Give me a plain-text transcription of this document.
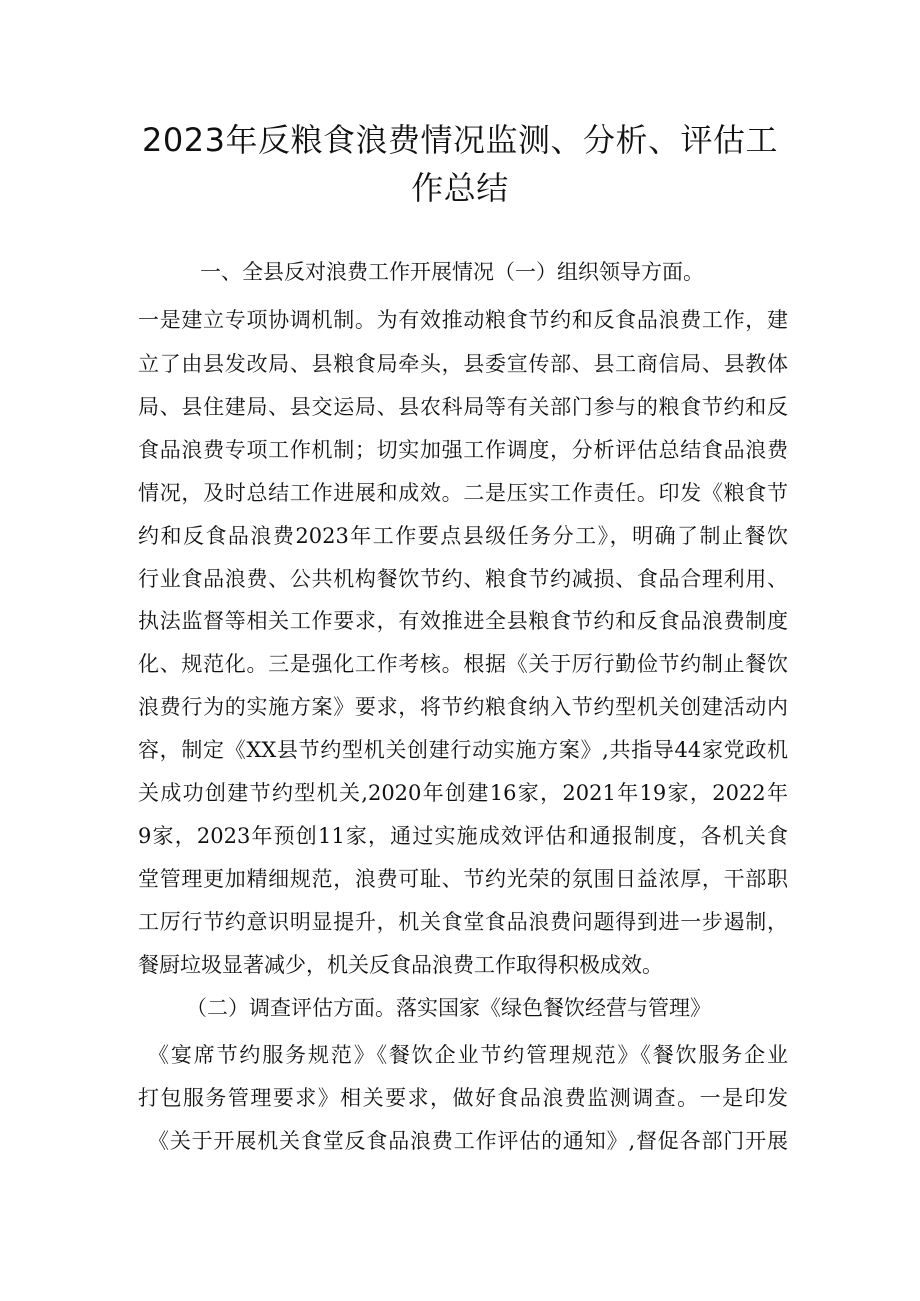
2023年反粮食浪费情况监测、分析、评估工
作总结
一、全县反对浪费工作开展情况（一）组织领导方面。
一是建立专项协调机制。为有效推动粮食节约和反食品浪费工作，建
立了由县发改局、县粮食局牵头，县委宣传部、县工商信局、县教体
局、县住建局、县交运局、县农科局等有关部门参与的粮食节约和反
食品浪费专项工作机制；切实加强工作调度，分析评估总结食品浪费
情况，及时总结工作进展和成效。二是压实工作责任。印发《粮食节
约和反食品浪费2023年工作要点县级任务分工》，明确了制止餐饮
行业食品浪费、公共机构餐饮节约、粮食节约减损、食品合理利用、
执法监督等相关工作要求，有效推进全县粮食节约和反食品浪费制度
化、规范化。三是强化工作考核。根据《关于厉行勤俭节约制止餐饮
浪费行为的实施方案》要求，将节约粮食纳入节约型机关创建活动内
容，制定《XX县节约型机关创建行动实施方案》,共指导44家党政机
关成功创建节约型机关,2020年创建16家，2021年19家，2022年
9家，2023年预创11家，通过实施成效评估和通报制度，各机关食
堂管理更加精细规范，浪费可耻、节约光荣的氛围日益浓厚，干部职
工厉行节约意识明显提升，机关食堂食品浪费问题得到进一步遏制，
餐厨垃圾显著减少，机关反食品浪费工作取得积极成效。
（二）调查评估方面。落实国家《绿色餐饮经营与管理》
《宴席节约服务规范》《餐饮企业节约管理规范》《餐饮服务企业
打包服务管理要求》相关要求，做好食品浪费监测调查。一是印发
《关于开展机关食堂反食品浪费工作评估的通知》,督促各部门开展
